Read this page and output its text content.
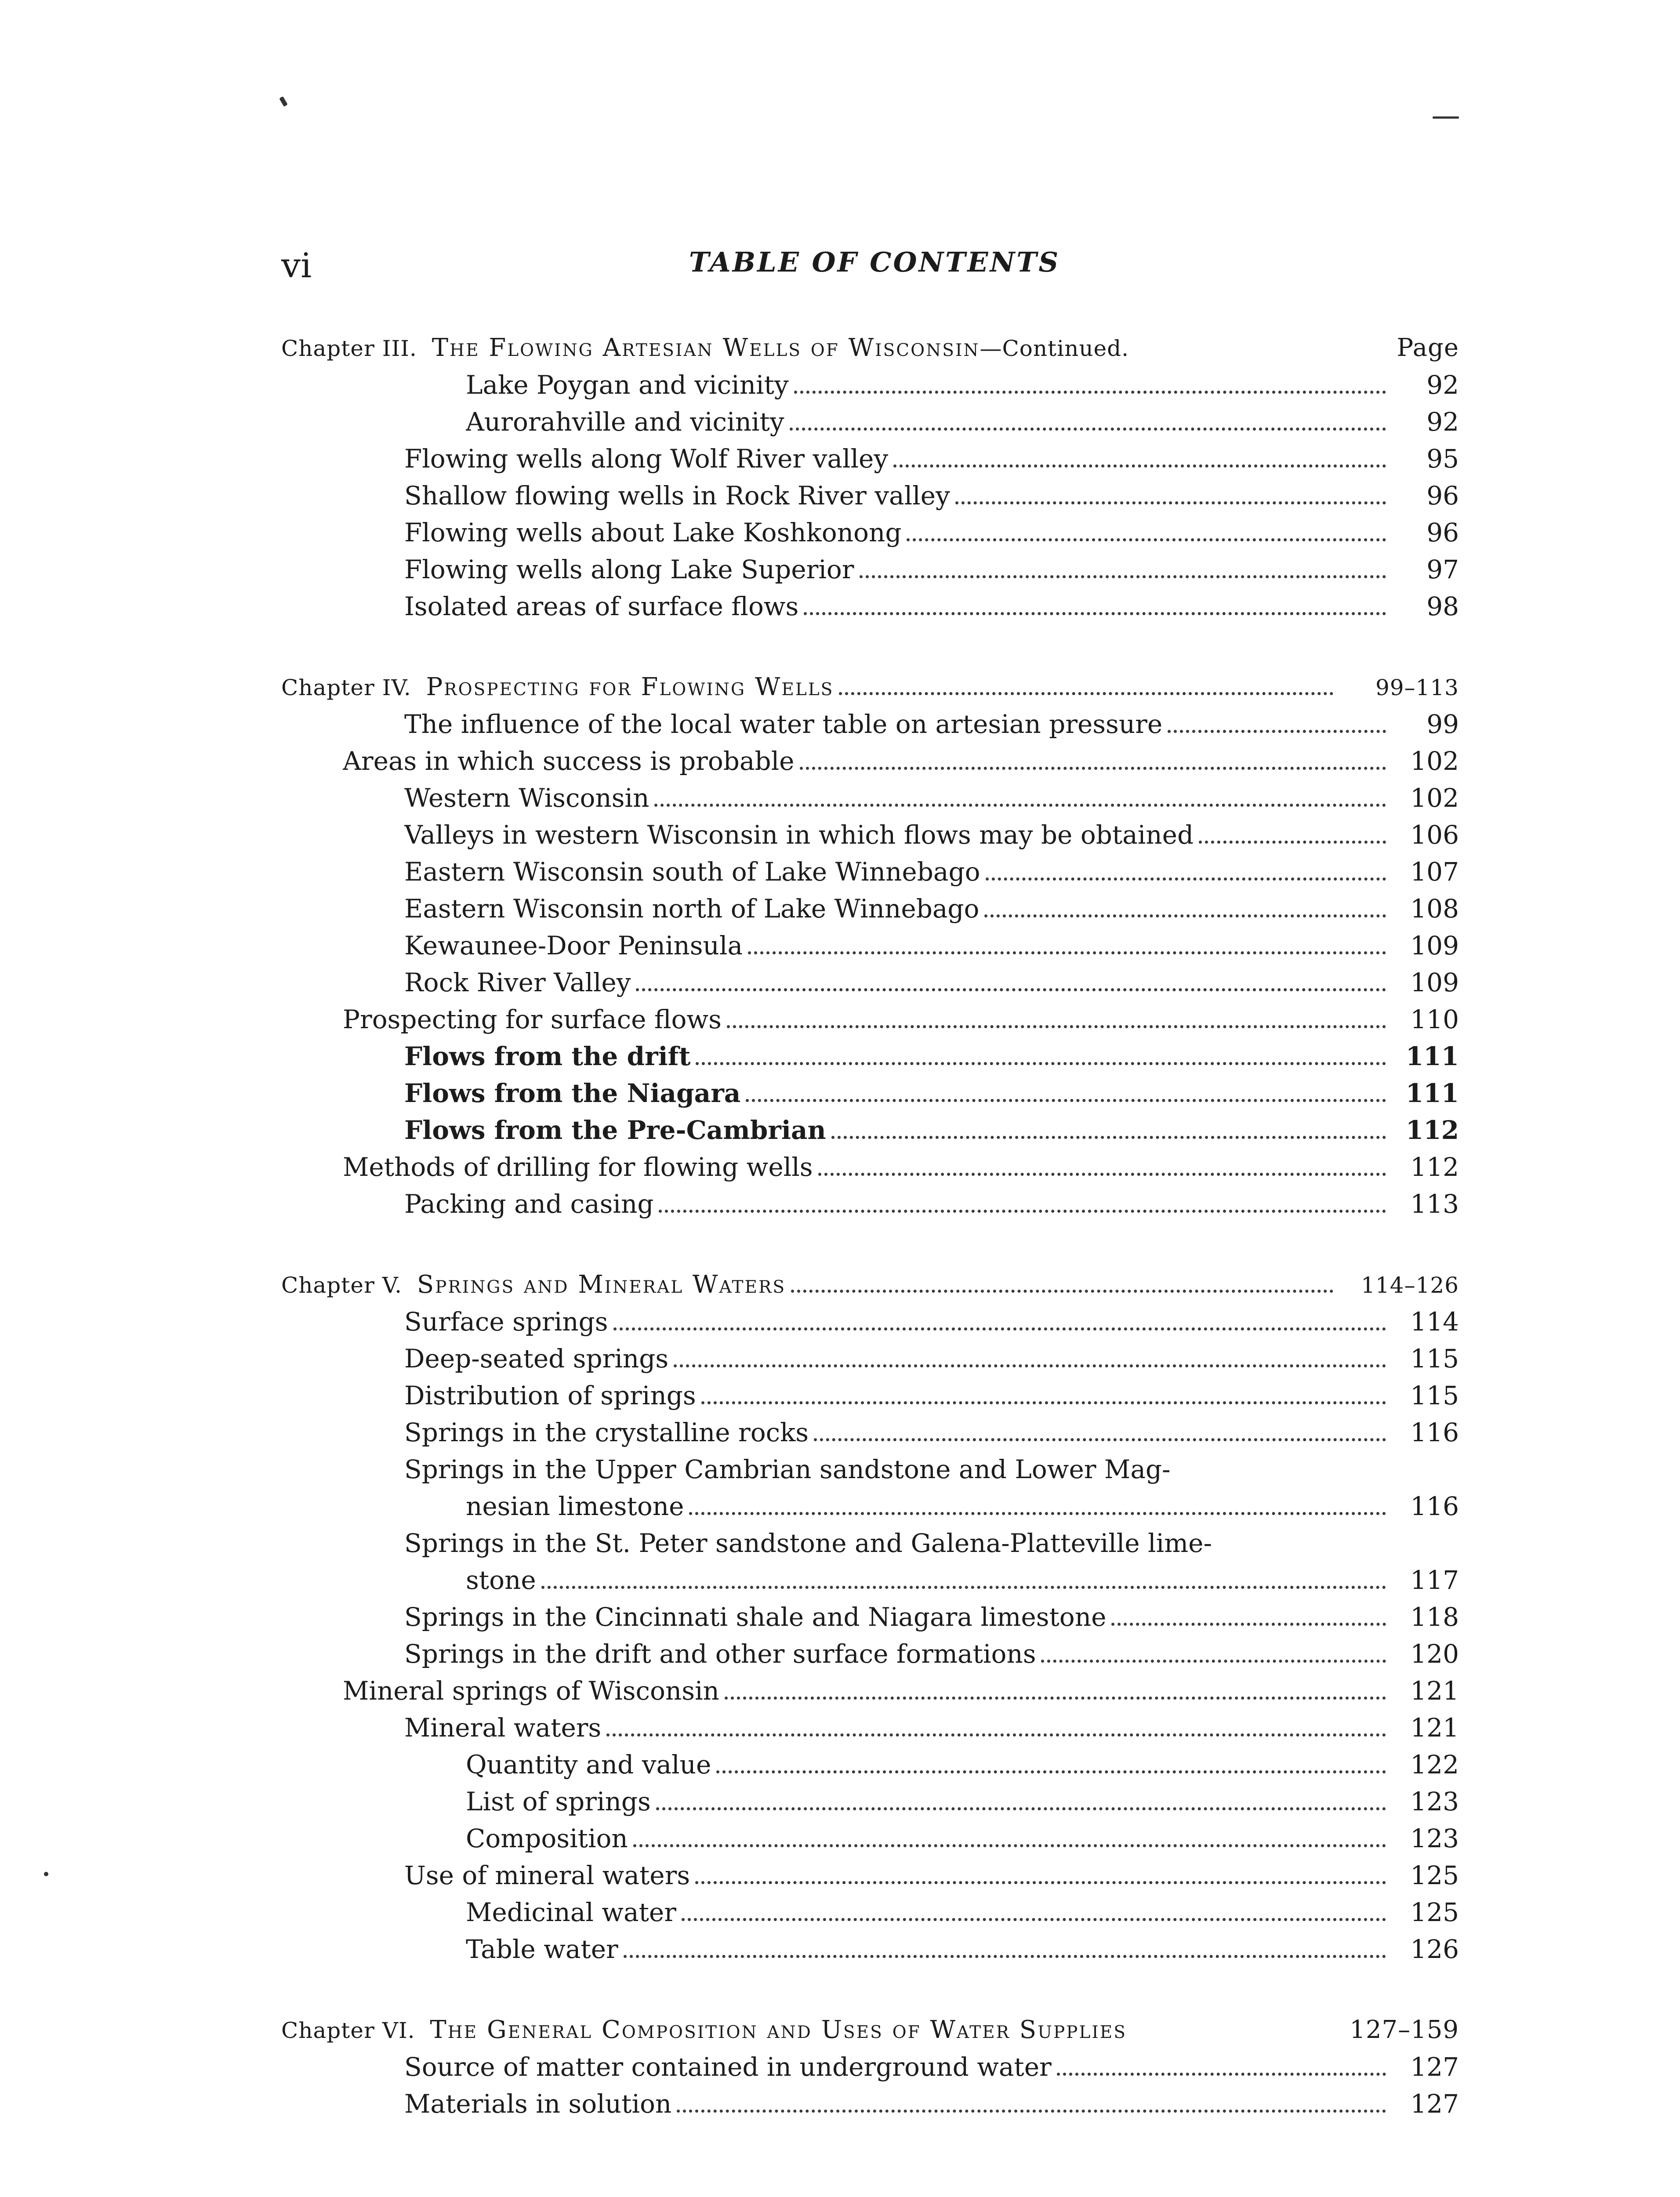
vi	TABLE OF CONTENTS
Chapter III. The Flowing Artesian Wells of Wisconsin—Continued.	Page
Lake Poygan and vicinity	92
Aurorahville and vicinity	92
Flowing wells along Wolf River valley	95
Shallow flowing wells in Rock River valley	96
Flowing wells about Lake Koshkonong	96
Flowing wells along Lake Superior	97
Isolated areas of surface flows	98
Chapter IV. Prospecting for Flowing Wells	99–113
The influence of the local water table on artesian pressure	99
Areas in which success is probable	102
Western Wisconsin	102
Valleys in western Wisconsin in which flows may be obtained	106
Eastern Wisconsin south of Lake Winnebago	107
Eastern Wisconsin north of Lake Winnebago	108
Kewaunee-Door Peninsula	109
Rock River Valley	109
Prospecting for surface flows	110
Flows from the drift	111
Flows from the Niagara	111
Flows from the Pre-Cambrian	112
Methods of drilling for flowing wells	112
Packing and casing	113
Chapter V. Springs and Mineral Waters	114–126
Surface springs	114
Deep-seated springs	115
Distribution of springs	115
Springs in the crystalline rocks	116
Springs in the Upper Cambrian sandstone and Lower Mag-
nesian limestone	116
Springs in the St. Peter sandstone and Galena-Platteville lime-
stone	117
Springs in the Cincinnati shale and Niagara limestone	118
Springs in the drift and other surface formations	120
Mineral springs of Wisconsin	121
Mineral waters	121
Quantity and value	122
List of springs	123
Composition	123
Use of mineral waters	125
Medicinal water	125
Table water	126
Chapter VI. The General Composition and Uses of Water Supplies	127–159
Source of matter contained in underground water	127
Materials in solution	127
